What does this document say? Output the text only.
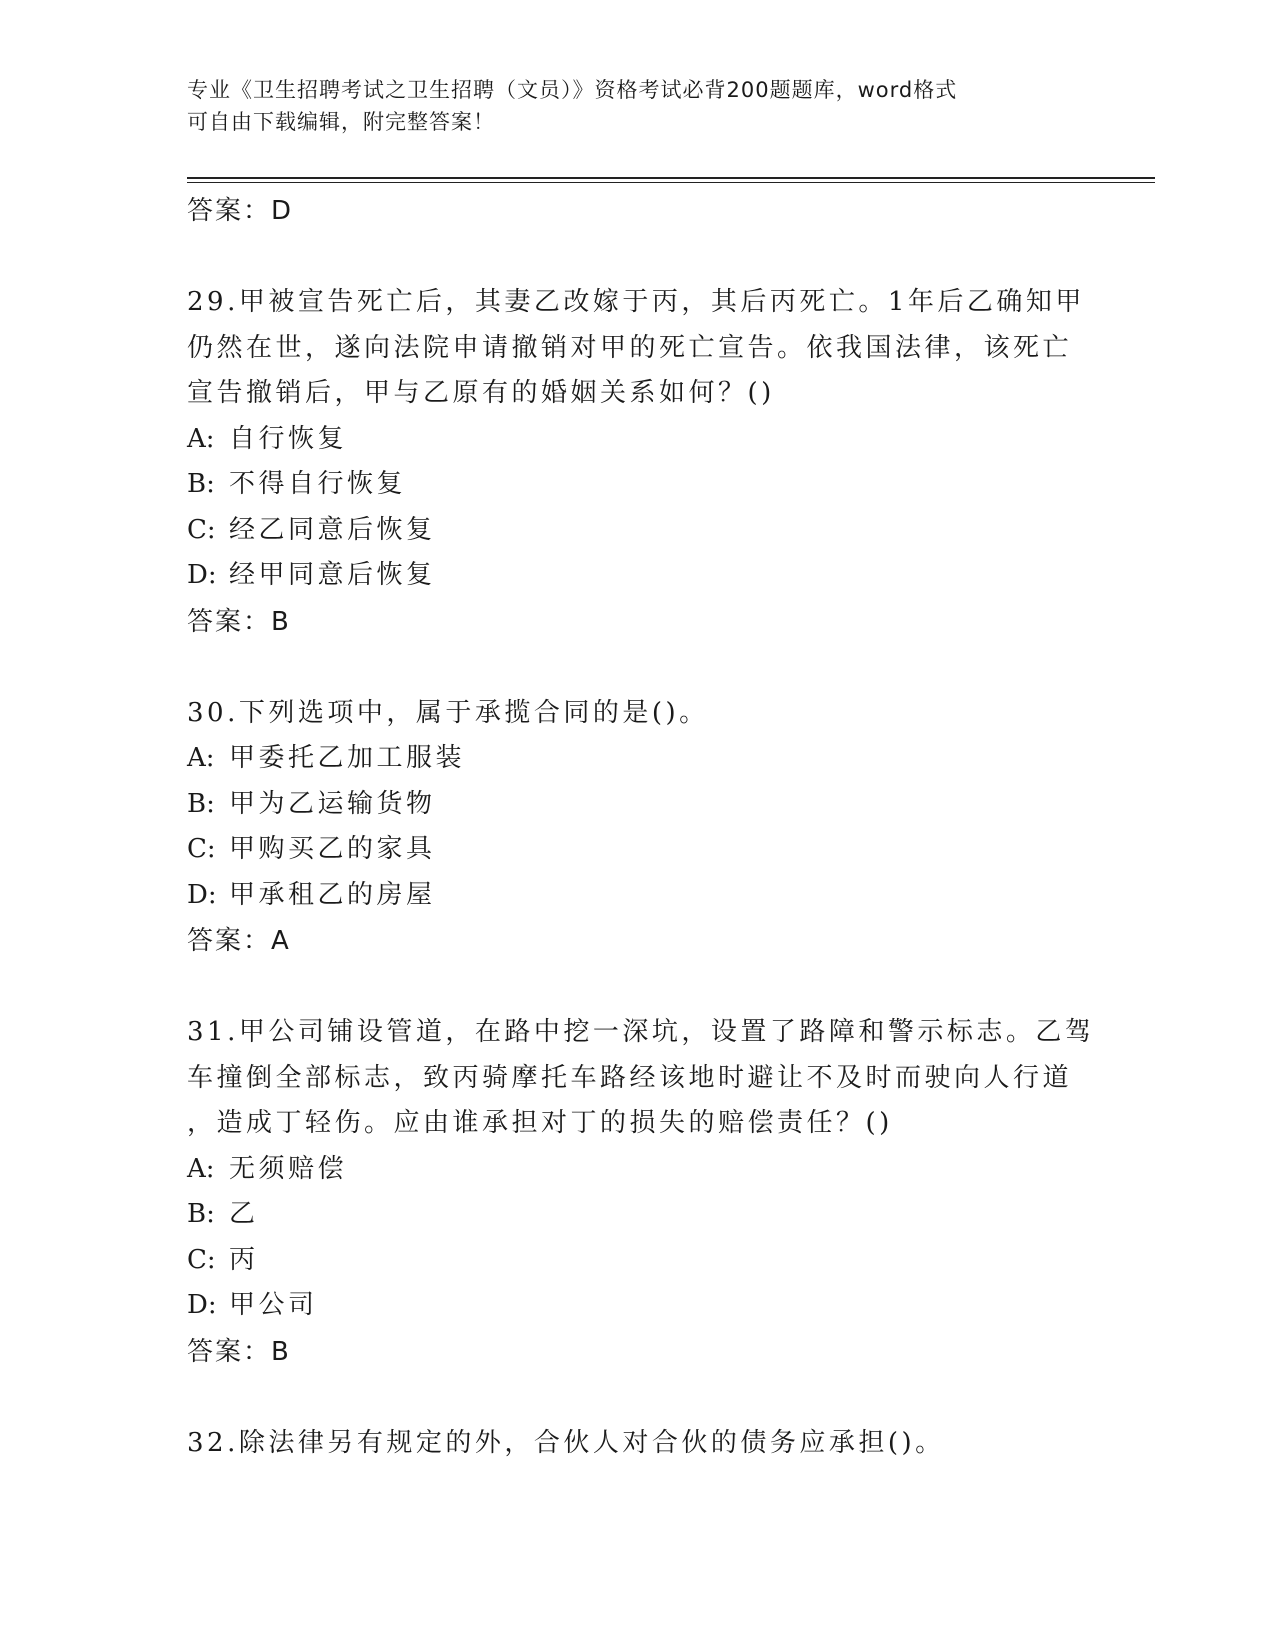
专业《卫生招聘考试之卫生招聘（文员）》资格考试必背200题题库，word格式
可自由下载编辑，附完整答案！
答案：D
29.甲被宣告死亡后，其妻乙改嫁于丙，其后丙死亡。1年后乙确知甲
仍然在世，遂向法院申请撤销对甲的死亡宣告。依我国法律，该死亡
宣告撤销后，甲与乙原有的婚姻关系如何？()
A: 自行恢复
B: 不得自行恢复
C: 经乙同意后恢复
D: 经甲同意后恢复
答案：B
30.下列选项中，属于承揽合同的是()。
A: 甲委托乙加工服装
B: 甲为乙运输货物
C: 甲购买乙的家具
D: 甲承租乙的房屋
答案：A
31.甲公司铺设管道，在路中挖一深坑，设置了路障和警示标志。乙驾
车撞倒全部标志，致丙骑摩托车路经该地时避让不及时而驶向人行道
，造成丁轻伤。应由谁承担对丁的损失的赔偿责任？()
A: 无须赔偿
B: 乙
C: 丙
D: 甲公司
答案：B
32.除法律另有规定的外，合伙人对合伙的债务应承担()。
